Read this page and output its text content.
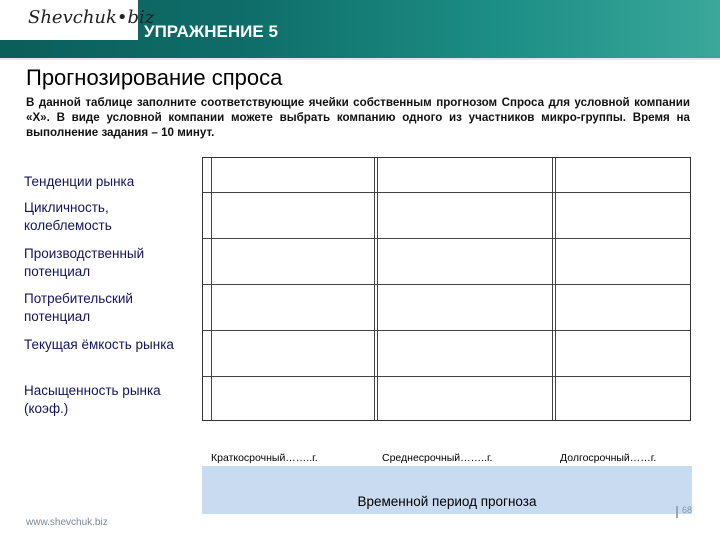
Shevchuk•biz
УПРАЖНЕНИЕ 5
Прогнозирование спроса
В данной таблице заполните соответствующие ячейки собственным прогнозом Спроса для условной компании «Х». В виде условной компании можете выбрать компанию одного из участников микро-группы. Время на выполнение задания – 10 минут.
Тенденции рынка
Цикличность, колеблемость
Производственный потенциал
Потребительский потенциал
Текущая ёмкость рынка
Насыщенность рынка (коэф.)
Краткосрочный……..г.	Среднесрочный……..г.	Долгосрочный……г.
Временной период прогноза
www.shevchuk.biz
68
